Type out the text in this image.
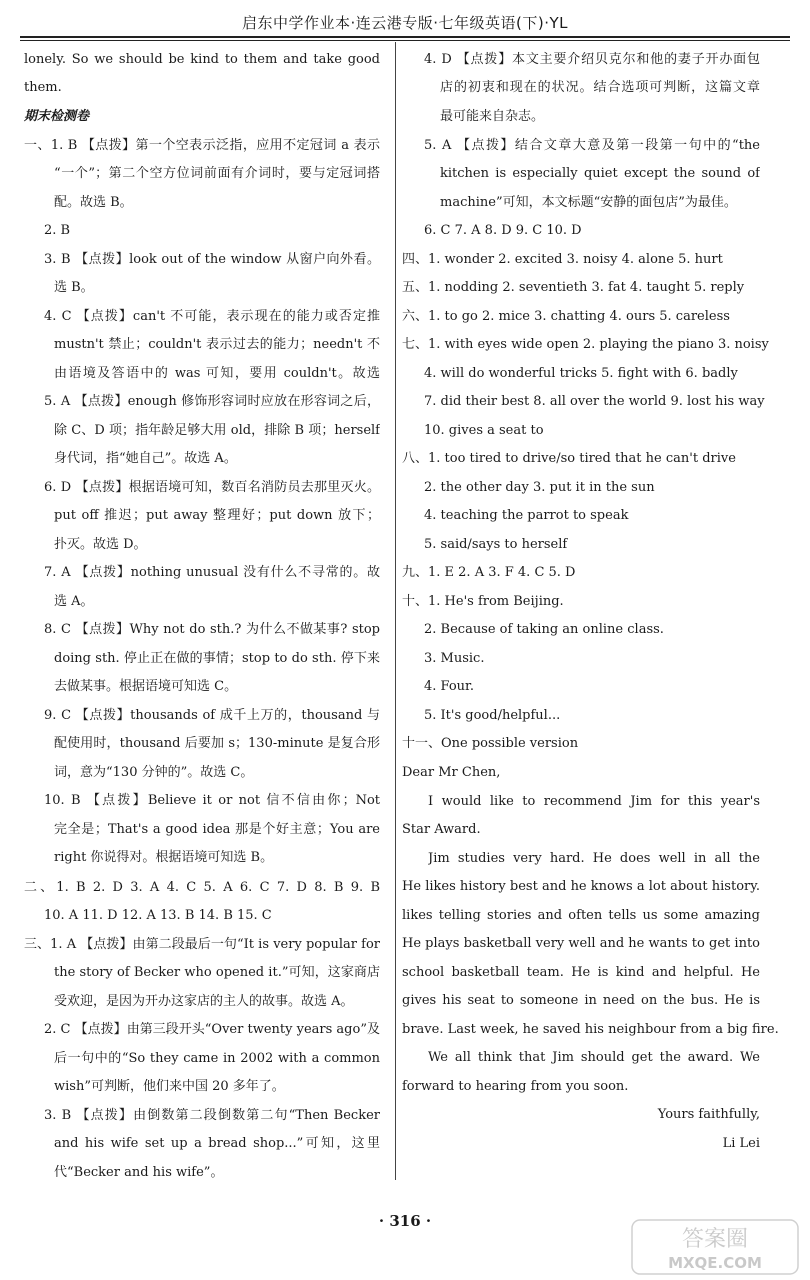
启东中学作业本·连云港专版·七年级英语(下)·YL
lonely. So we should be kind to them and take good
them.
期末检测卷
一、1. B 【点拨】第一个空表示泛指，应用不定冠词 a 表示
“一个”；第二个空方位词前面有介词时，要与定冠词搭
配。故选 B。
2. B
3. B 【点拨】look out of the window 从窗户向外看。
选 B。
4. C 【点拨】can't 不可能，表示现在的能力或否定推
mustn't 禁止；couldn't 表示过去的能力；needn't 不
由语境及答语中的 was 可知，要用 couldn't。故选
5. A 【点拨】enough 修饰形容词时应放在形容词之后，
除 C、D 项；指年龄足够大用 old，排除 B 项；herself
身代词，指“她自己”。故选 A。
6. D 【点拨】根据语境可知，数百名消防员去那里灭火。
put off 推迟；put away 整理好；put down 放下；
扑灭。故选 D。
7. A 【点拨】nothing unusual 没有什么不寻常的。故
选 A。
8. C 【点拨】Why not do sth.? 为什么不做某事? stop
doing sth. 停止正在做的事情；stop to do sth. 停下来
去做某事。根据语境可知选 C。
9. C 【点拨】thousands of 成千上万的，thousand 与
配使用时，thousand 后要加 s；130-minute 是复合形
词，意为“130 分钟的”。故选 C。
10. B 【点拨】Believe it or not 信不信由你；Not
完全是；That's a good idea 那是个好主意；You are
right 你说得对。根据语境可知选 B。
二、1. B 2. D 3. A 4. C 5. A 6. C 7. D 8. B 9. B
10. A 11. D 12. A 13. B 14. B 15. C
三、1. A 【点拨】由第二段最后一句“It is very popular for
the story of Becker who opened it.”可知，这家商店
受欢迎，是因为开办这家店的主人的故事。故选 A。
2. C 【点拨】由第三段开头“Over twenty years ago”及
后一句中的“So they came in 2002 with a common
wish”可判断，他们来中国 20 多年了。
3. B 【点拨】由倒数第二段倒数第二句“Then Becker
and his wife set up a bread shop...”可知，这里
代“Becker and his wife”。
4. D 【点拨】本文主要介绍贝克尔和他的妻子开办面包
店的初衷和现在的状况。结合选项可判断，这篇文章
最可能来自杂志。
5. A 【点拨】结合文章大意及第一段第一句中的“the
kitchen is especially quiet except the sound of
machine”可知，本文标题“安静的面包店”为最佳。
6. C 7. A 8. D 9. C 10. D
四、1. wonder 2. excited 3. noisy 4. alone 5. hurt
五、1. nodding 2. seventieth 3. fat 4. taught 5. reply
六、1. to go 2. mice 3. chatting 4. ours 5. careless
七、1. with eyes wide open 2. playing the piano 3. noisy
4. will do wonderful tricks 5. fight with 6. badly
7. did their best 8. all over the world 9. lost his way
10. gives a seat to
八、1. too tired to drive/so tired that he can't drive
2. the other day 3. put it in the sun
4. teaching the parrot to speak
5. said/says to herself
九、1. E 2. A 3. F 4. C 5. D
十、1. He's from Beijing.
2. Because of taking an online class.
3. Music.
4. Four.
5. It's good/helpful...
十一、One possible version
Dear Mr Chen,
I would like to recommend Jim for this year's
Star Award.
Jim studies very hard. He does well in all the
He likes history best and he knows a lot about history.
likes telling stories and often tells us some amazing
He plays basketball very well and he wants to get into
school basketball team. He is kind and helpful. He
gives his seat to someone in need on the bus. He is
brave. Last week, he saved his neighbour from a big fire.
We all think that Jim should get the award. We
forward to hearing from you soon.
Yours faithfully,
Li Lei
· 316 ·
答案圈
MXQE.COM
